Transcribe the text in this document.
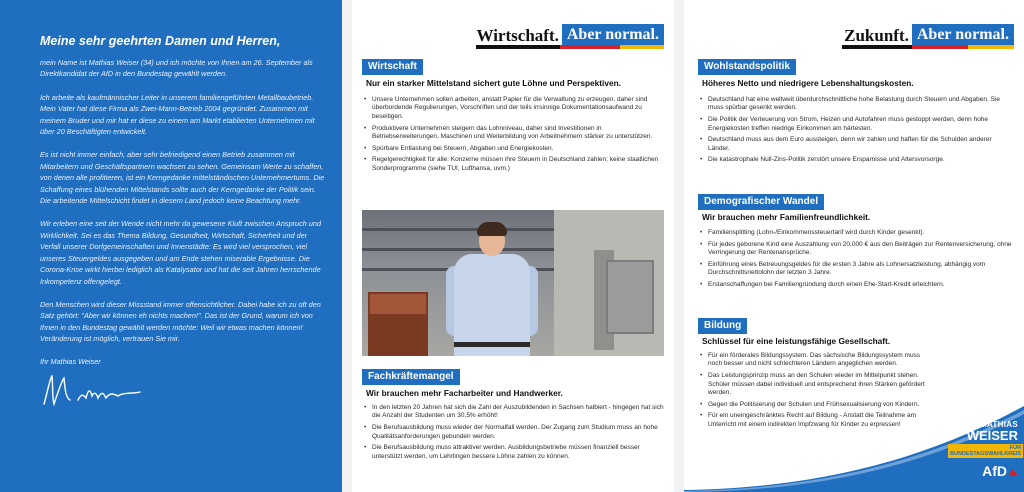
Meine sehr geehrten Damen und Herren,

mein Name ist Mathias Weiser (34) und ich möchte von Ihnen am 26. September als Direktkandidat der AfD in den Bundestag gewählt werden.

Ich arbeite als kaufmännischer Leiter in unserem familiengeführten Metallbaubetrieb. Mein Vater hat diese Firma als Zwei-Mann-Betrieb 2004 gegründet. Zusammen mit meinem Bruder und mir hat er diese zu einem am Markt etablierten Unternehmen mit über 20 Beschäftigten entwickelt.

Es ist nicht immer einfach, aber sehr befriedigend einen Betrieb zusammen mit Mitarbeitern und Geschäftspartnern wachsen zu sehen. Gemeinsam Werte zu schaffen, von denen alle profitieren, ist ein Kerngedanke mittelständischen Unternehmertums. Die Schaffung eines blühenden Mittelstands sollte auch der Kerngedanke der Politik sein. Die arbeitende Mittelschicht findet in diesem Land jedoch keine Beachtung mehr.

Wir erleben eine seit der Wende nicht mehr da gewesene Kluft zwischen Anspruch und Wirklichkeit. Sei es das Thema Bildung, Gesundheit, Wirtschaft, Sicherheit und der Verfall unserer Dorfgemeinschaften und Innenstädte: Es wird viel versprochen, viel unseres Steuergeldes ausgegeben und am Ende stehen miserable Ergebnisse. Die Corona-Krise wirkt hierbei lediglich als Katalysator und hat die seit Jahren herrschende Inkompetenz offengelegt.

Den Menschen wird dieser Missstand immer offensichtlicher. Dabei habe ich zu oft den Satz gehört: "Aber wir können eh nichts machen!". Das ist der Grund, warum ich von Ihnen in den Bundestag gewählt werden möchte: Weil wir etwas machen können! Veränderung ist möglich, vertrauen Sie mir.

Ihr Mathias Weiser
Wirtschaft. Aber normal.
Wirtschaft
Nur ein starker Mittelstand sichert gute Löhne und Perspektiven.
• Unsere Unternehmen sollen arbeiten, anstatt Papier für die Verwaltung zu erzeugen, daher sind überbordende Regulierungen, Vorschriften und der teils irrsinnige Dokumentationsaufwand zu beseitigen.
• Produktivere Unternehmen steigern das Lohnniveau, daher sind Investitionen in Betriebserweiterungen, Maschinen und Weiterbildung von Arbeitnehmern stärker zu unterstützen.
• Spürbare Entlastung bei Steuern, Abgaben und Energiekosten.
• Regelgerechtigkeit für alle: Konzerne müssen ihre Steuern in Deutschland zahlen; keine staatlichen Sonderprogramme (siehe TUI, Lufthansa, uvm.)
Fachkräftemangel
Wir brauchen mehr Facharbeiter und Handwerker.
• In den letzten 20 Jahren hat sich die Zahl der Auszubildenden in Sachsen halbiert - hingegen hat sich die Anzahl der Studenten um 30,5% erhöht!
• Die Berufsausbildung muss wieder der Normalfall werden. Der Zugang zum Studium muss an hohe Qualitätsanforderungen gebunden werden.
• Die Berufsausbildung muss attraktiver werden. Ausbildungsbetriebe müssen finanziell besser unterstützt werden, um Lehrlingen bessere Löhne zahlen zu können.
Zukunft. Aber normal.
Wohlstandspolitik
Höheres Netto und niedrigere Lebenshaltungskosten.
• Deutschland hat eine weltweit überdurchschnittliche hohe Belastung durch Steuern und Abgaben. Sie muss spürbar gesenkt werden.
• Die Politik der Verteuerung von Strom, Heizen und Autofahren muss gestoppt werden, denn hohe Energiekosten treffen niedrige Einkommen am härtesten.
• Deutschland muss aus dem Euro aussteigen, denn wir zahlen und haften für die Schulden anderer Länder.
• Die katastrophale Null-Zins-Politik zerstört unsere Ersparnisse und Altersvorsorge.
Demografischer Wandel
Wir brauchen mehr Familienfreundlichkeit.
• Familiensplitting (Lohn-/Einkommenssteuertarif wird durch Kinder gesenkt).
• Für jedes geborene Kind eine Auszahlung von 20.000 € aus den Beiträgen zur Rentenversicherung, ohne Verringerung der Rentenansprüche.
• Einführung eines Betreuungsgeldes für die ersten 3 Jahre als Lohnersatzleistung, abhängig vom Durchschnittsnettolohn der letzten 3 Jahre.
• Erstanschaffungen bei Familiengründung durch einen Ehe-Start-Kredit erleichtern.
Bildung
Schlüssel für eine leistungsfähige Gesellschaft.
• Für ein förderales Bildungssystem. Das sächsische Bildungssystem muss noch besser und nicht schlechteren Ländern angeglichen werden.
• Das Leistungsprinzip muss an den Schulen wieder im Mittelpunkt stehen. Schüler müssen dabei individuell und entsprechend ihren Stärken gefördert werden.
• Gegen die Politisierung der Schulen und Frühsexualisierung von Kindern.
• Für ein uneingeschränktes Recht auf Bildung - Anstatt die Teilnahme am Unterricht mit einem indirekten Impfzwang für Kinder zu erpressen!	MATHIAS
WEISER
FÜR BUNDESTAGSWAHLKREIS
AfD
